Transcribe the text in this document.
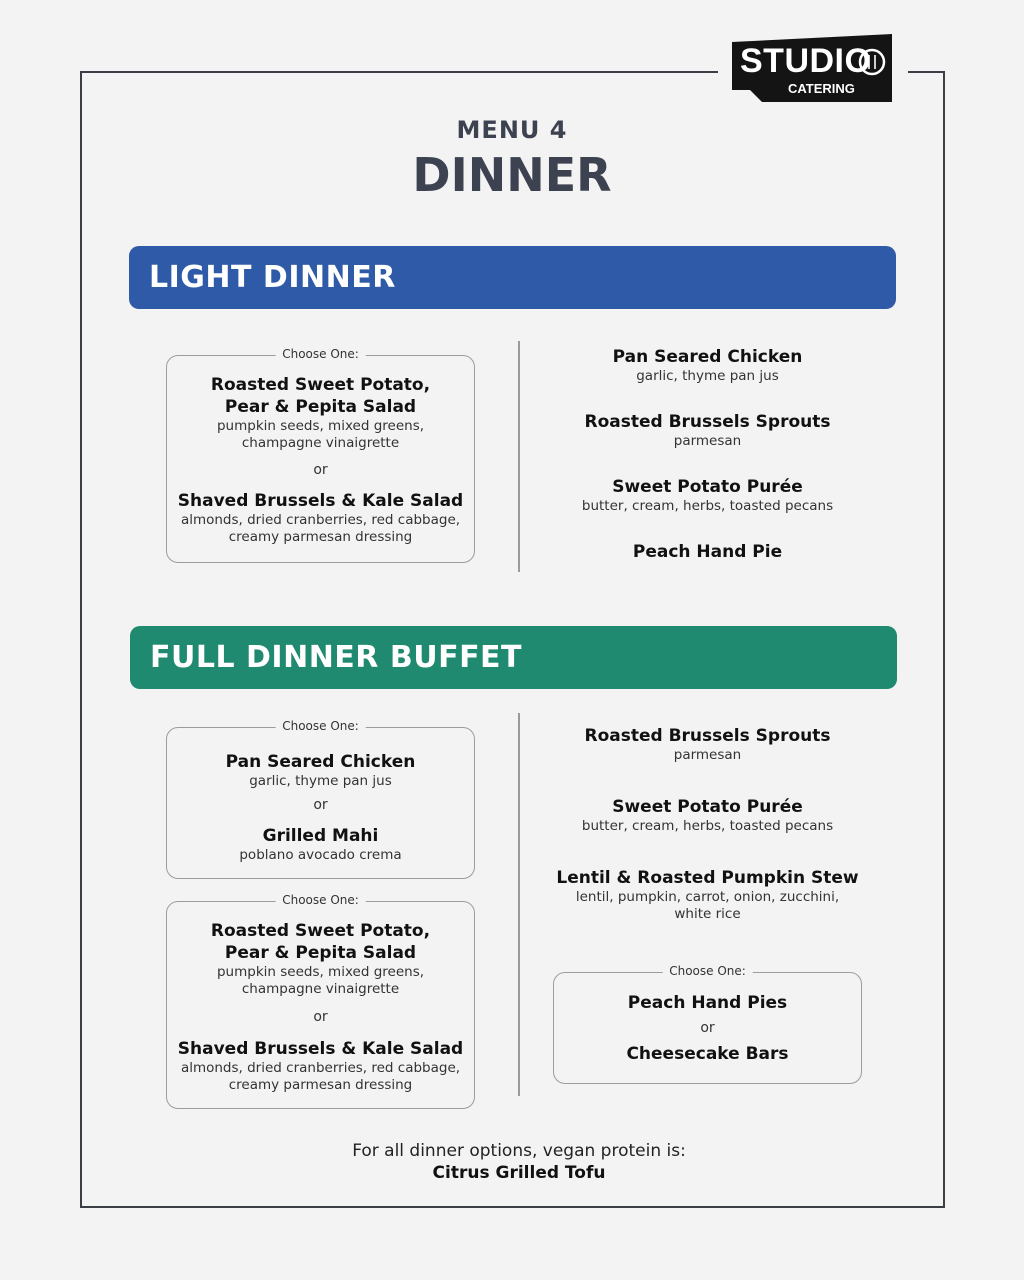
STUDIO
CATERING
MENU 4
DINNER
LIGHT DINNER
Choose One:
Roasted Sweet Potato,
Pear & Pepita Salad
pumpkin seeds, mixed greens,
champagne vinaigrette
or
Shaved Brussels & Kale Salad
almonds, dried cranberries, red cabbage,
creamy parmesan dressing
Pan Seared Chicken
garlic, thyme pan jus
Roasted Brussels Sprouts
parmesan
Sweet Potato Purée
butter, cream, herbs, toasted pecans
Peach Hand Pie
FULL DINNER BUFFET
Choose One:
Pan Seared Chicken
garlic, thyme pan jus
or
Grilled Mahi
poblano avocado crema
Choose One:
Roasted Sweet Potato,
Pear & Pepita Salad
pumpkin seeds, mixed greens,
champagne vinaigrette
or
Shaved Brussels & Kale Salad
almonds, dried cranberries, red cabbage,
creamy parmesan dressing
Roasted Brussels Sprouts
parmesan
Sweet Potato Purée
butter, cream, herbs, toasted pecans
Lentil & Roasted Pumpkin Stew
lentil, pumpkin, carrot, onion, zucchini,
white rice
Choose One:
Peach Hand Pies
or
Cheesecake Bars
For all dinner options, vegan protein is:
Citrus Grilled Tofu
